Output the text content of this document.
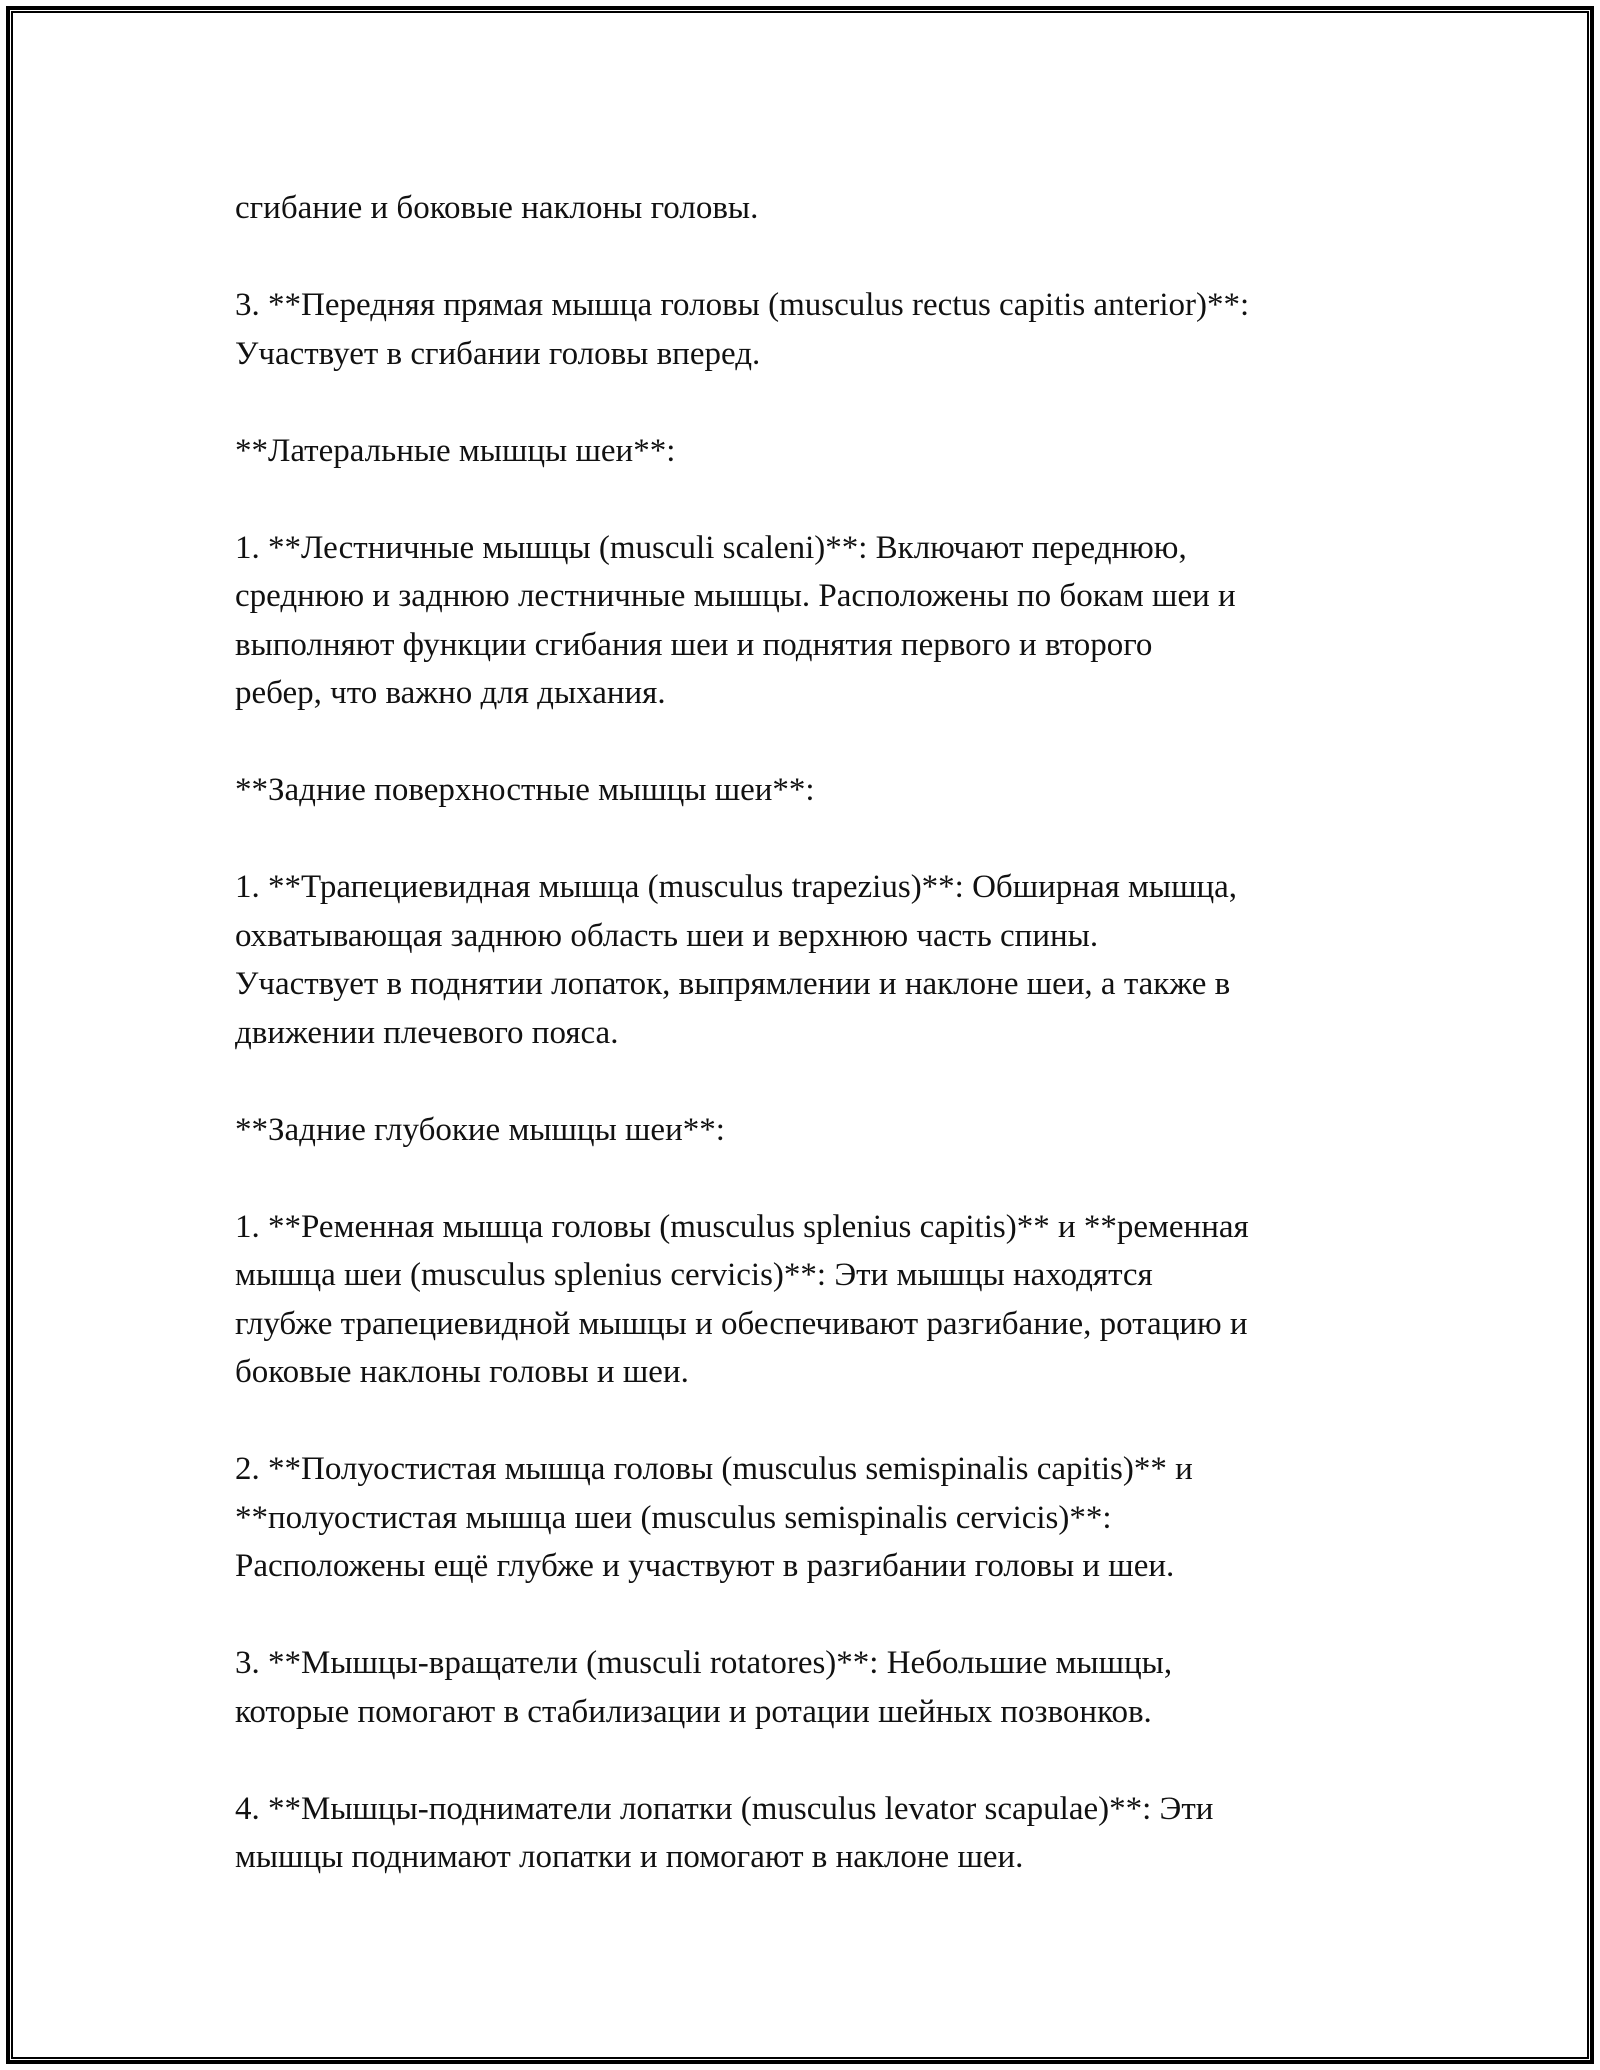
сгибание и боковые наклоны головы.

3. **Передняя прямая мышца головы (musculus rectus capitis anterior)**:
Участвует в сгибании головы вперед.

**Латеральные мышцы шеи**:

1. **Лестничные мышцы (musculi scaleni)**: Включают переднюю,
среднюю и заднюю лестничные мышцы. Расположены по бокам шеи и
выполняют функции сгибания шеи и поднятия первого и второго
ребер, что важно для дыхания.

**Задние поверхностные мышцы шеи**:

1. **Трапециевидная мышца (musculus trapezius)**: Обширная мышца,
охватывающая заднюю область шеи и верхнюю часть спины.
Участвует в поднятии лопаток, выпрямлении и наклоне шеи, а также в
движении плечевого пояса.

**Задние глубокие мышцы шеи**:

1. **Ременная мышца головы (musculus splenius capitis)** и **ременная
мышца шеи (musculus splenius cervicis)**: Эти мышцы находятся
глубже трапециевидной мышцы и обеспечивают разгибание, ротацию и
боковые наклоны головы и шеи.

2. **Полуостистая мышца головы (musculus semispinalis capitis)** и
**полуостистая мышца шеи (musculus semispinalis cervicis)**:
Расположены ещё глубже и участвуют в разгибании головы и шеи.

3. **Мышцы-вращатели (musculi rotatores)**: Небольшие мышцы,
которые помогают в стабилизации и ротации шейных позвонков.

4. **Мышцы-подниматели лопатки (musculus levator scapulae)**: Эти
мышцы поднимают лопатки и помогают в наклоне шеи.
